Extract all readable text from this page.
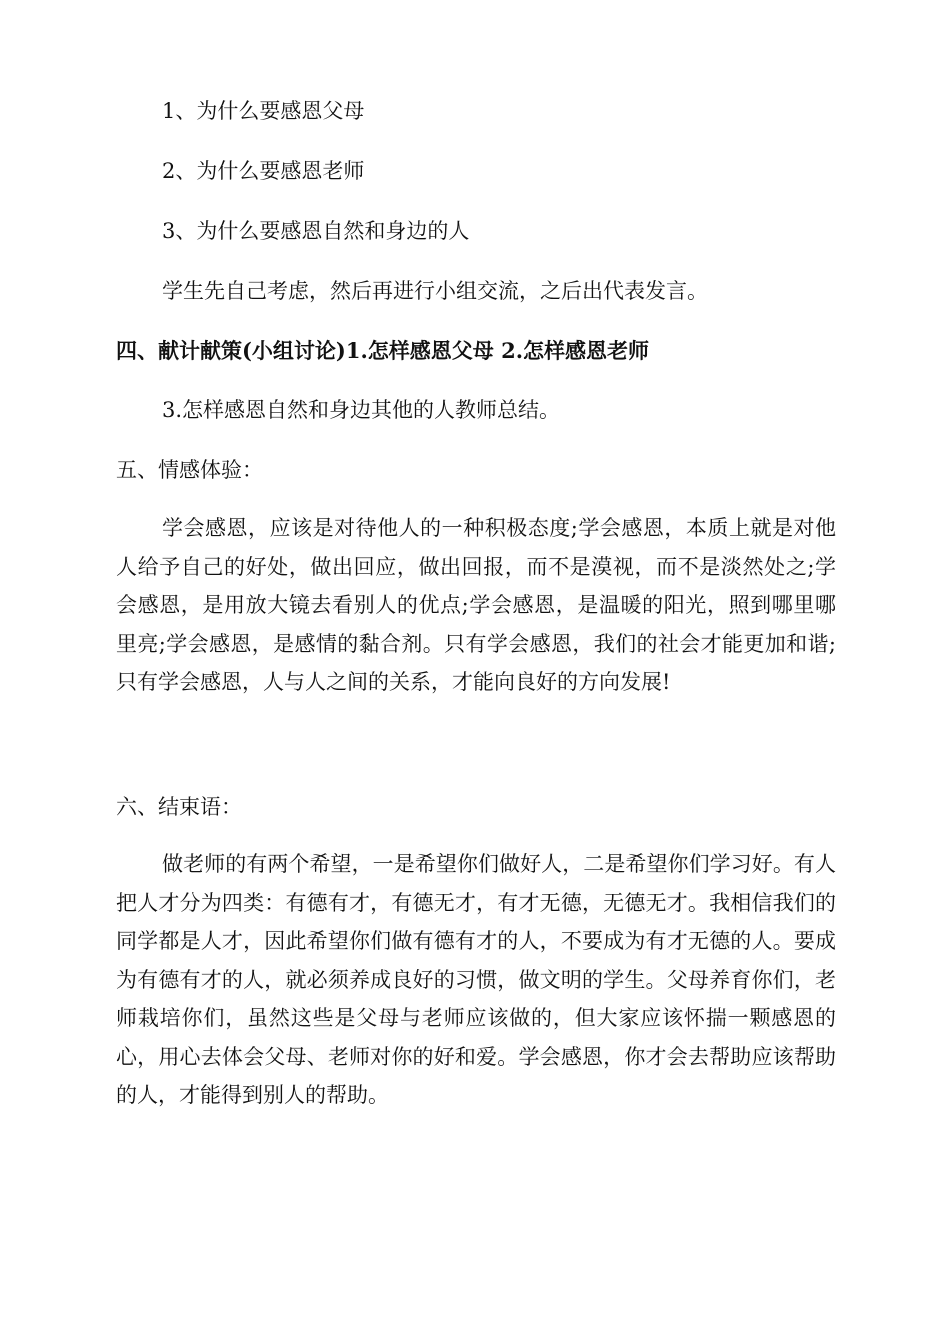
1、为什么要感恩父母
2、为什么要感恩老师
3、为什么要感恩自然和身边的人
学生先自己考虑，然后再进行小组交流，之后出代表发言。
四、献计献策(小组讨论)1.怎样感恩父母 2.怎样感恩老师
3.怎样感恩自然和身边其他的人教师总结。
五、情感体验：
学会感恩，应该是对待他人的一种积极态度;学会感恩，本质上就是对他人给予自己的好处，做出回应，做出回报，而不是漠视，而不是淡然处之;学会感恩，是用放大镜去看别人的优点;学会感恩，是温暖的阳光，照到哪里哪里亮;学会感恩，是感情的黏合剂。只有学会感恩，我们的社会才能更加和谐;只有学会感恩，人与人之间的关系，才能向良好的方向发展!
六、结束语：
做老师的有两个希望，一是希望你们做好人，二是希望你们学习好。有人把人才分为四类：有德有才，有德无才，有才无德，无德无才。我相信我们的同学都是人才，因此希望你们做有德有才的人，不要成为有才无德的人。要成为有德有才的人，就必须养成良好的习惯，做文明的学生。父母养育你们，老师栽培你们，虽然这些是父母与老师应该做的，但大家应该怀揣一颗感恩的心，用心去体会父母、老师对你的好和爱。学会感恩，你才会去帮助应该帮助的人，才能得到别人的帮助。
